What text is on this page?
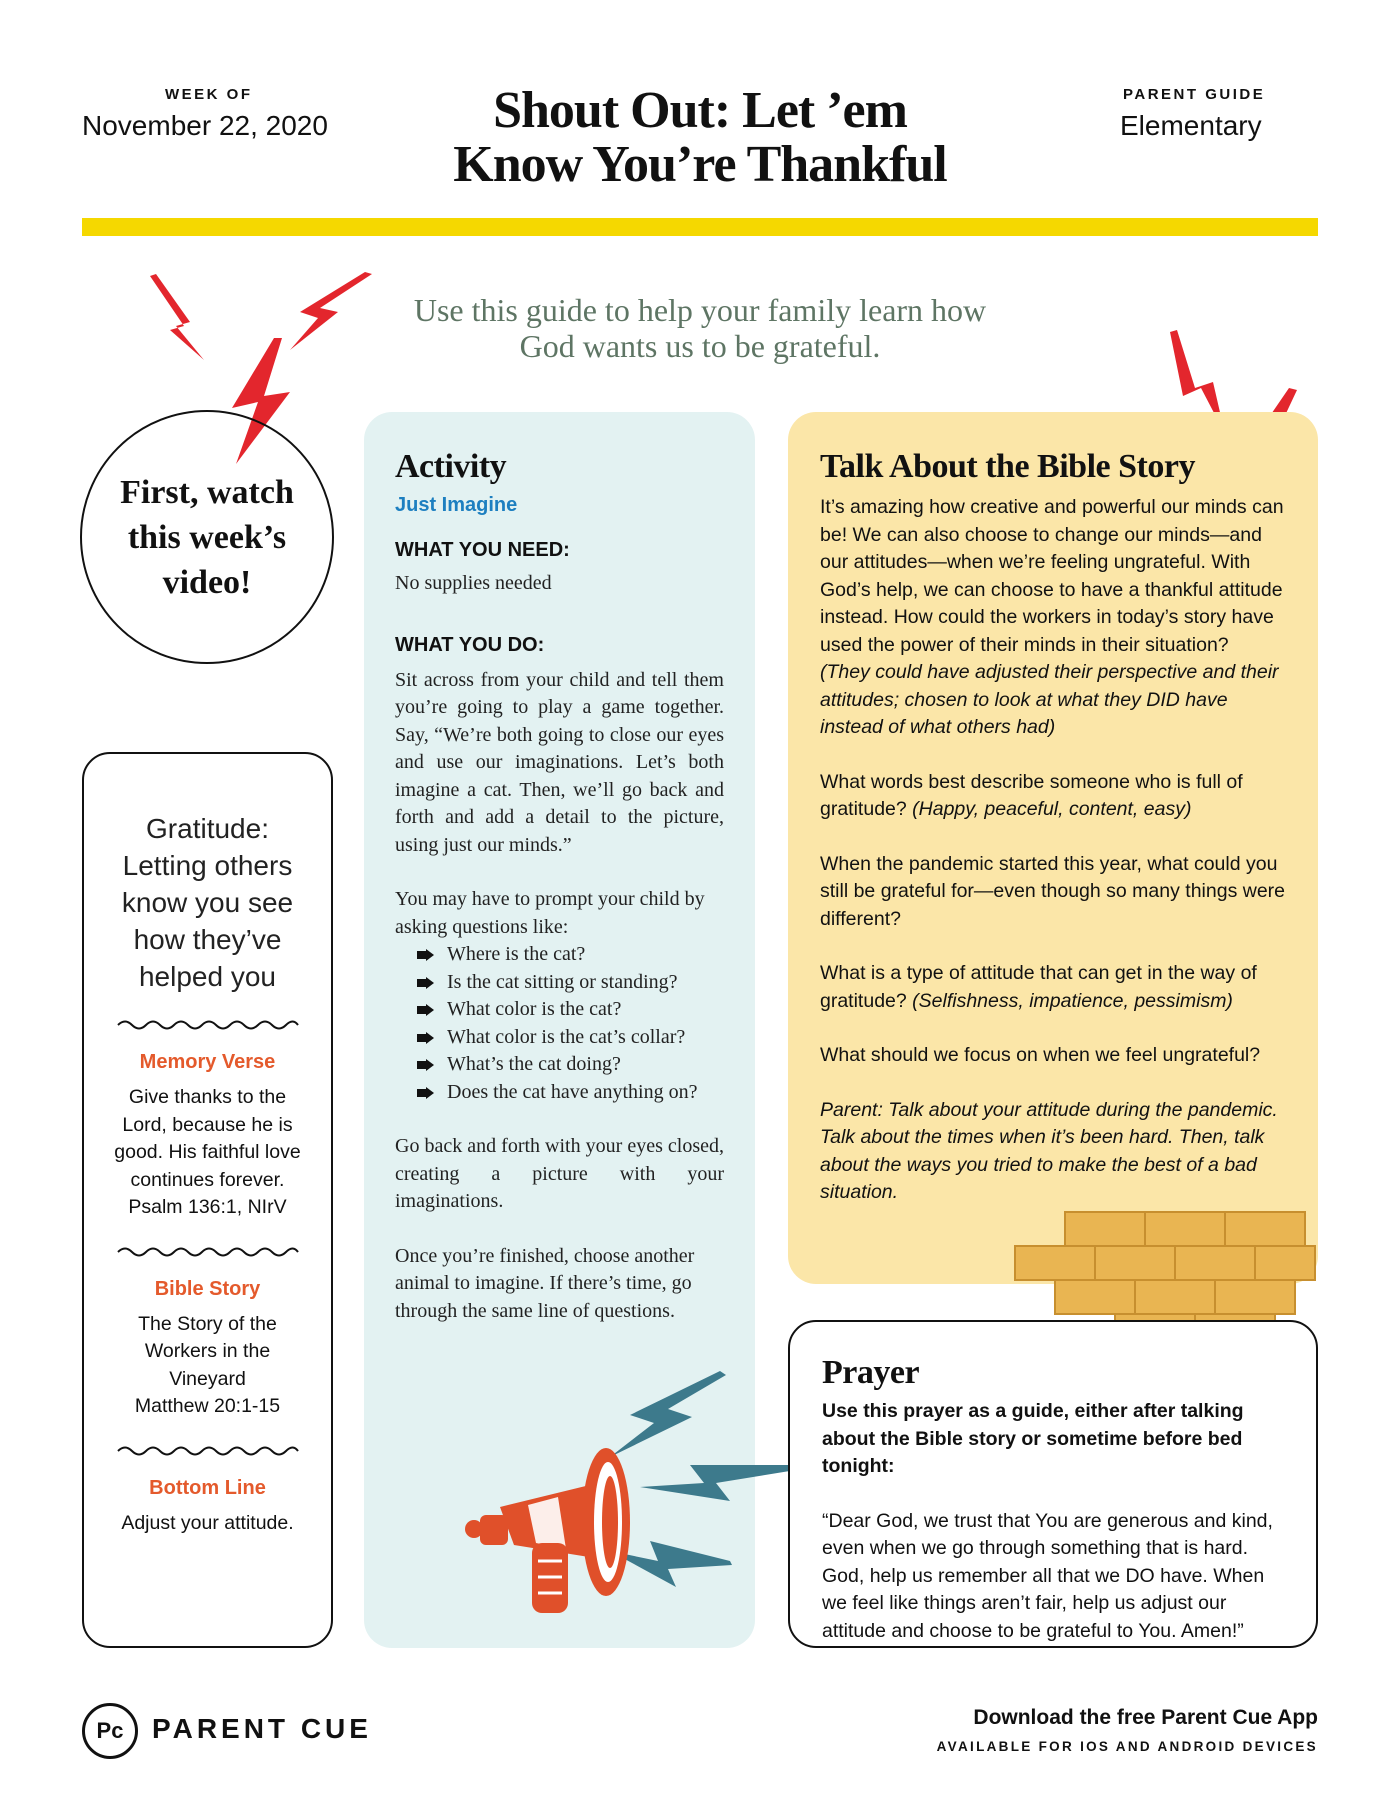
WEEK OF
November 22, 2020	Shout Out: Let ’em
Know You’re Thankful
PARENT GUIDE
Elementary
Use this guide to help your family learn how
God wants us to be grateful.
First, watch this week’s video!
Gratitude: Letting others know you see how they’ve helped you
Memory Verse
Give thanks to the Lord, because he is good. His faithful love continues forever.
Psalm 136:1, NIrV
Bible Story
The Story of the Workers in the Vineyard
Matthew 20:1-15
Bottom Line
Adjust your attitude.
Activity
Just Imagine
WHAT YOU NEED:
No supplies needed
WHAT YOU DO:
Sit across from your child and tell them you’re going to play a game together. Say, “We’re both going to close our eyes and use our imaginations. Let’s both imagine a cat. Then, we’ll go back and forth and add a detail to the picture, using just our minds.”
You may have to prompt your child by asking questions like:
Where is the cat?
Is the cat sitting or standing?
What color is the cat?
What color is the cat’s collar?
What’s the cat doing?
Does the cat have anything on?
Go back and forth with your eyes closed, creating a picture with your imaginations.
Once you’re finished, choose another animal to imagine. If there’s time, go through the same line of questions.
Talk About the Bible Story
It’s amazing how creative and powerful our minds can be! We can also choose to change our minds—and our attitudes—when we’re feeling ungrateful. With God’s help, we can choose to have a thankful attitude instead. How could the workers in today’s story have used the power of their minds in their situation?
(They could have adjusted their perspective and their attitudes; chosen to look at what they DID have instead of what others had)
What words best describe someone who is full of gratitude? (Happy, peaceful, content, easy)
When the pandemic started this year, what could you still be grateful for—even though so many things were different?
What is a type of attitude that can get in the way of gratitude? (Selfishness, impatience, pessimism)
What should we focus on when we feel ungrateful?
Parent: Talk about your attitude during the pandemic. Talk about the times when it’s been hard. Then, talk about the ways you tried to make the best of a bad situation.
Prayer
Use this prayer as a guide, either after talking about the Bible story or sometime before bed tonight:
“Dear God, we trust that You are generous and kind, even when we go through something that is hard. God, help us remember all that we DO have. When we feel like things aren’t fair, help us adjust our attitude and choose to be grateful to You. Amen!”
Pc PARENT CUE	Download the free Parent Cue App
AVAILABLE FOR IOS AND ANDROID DEVICES
